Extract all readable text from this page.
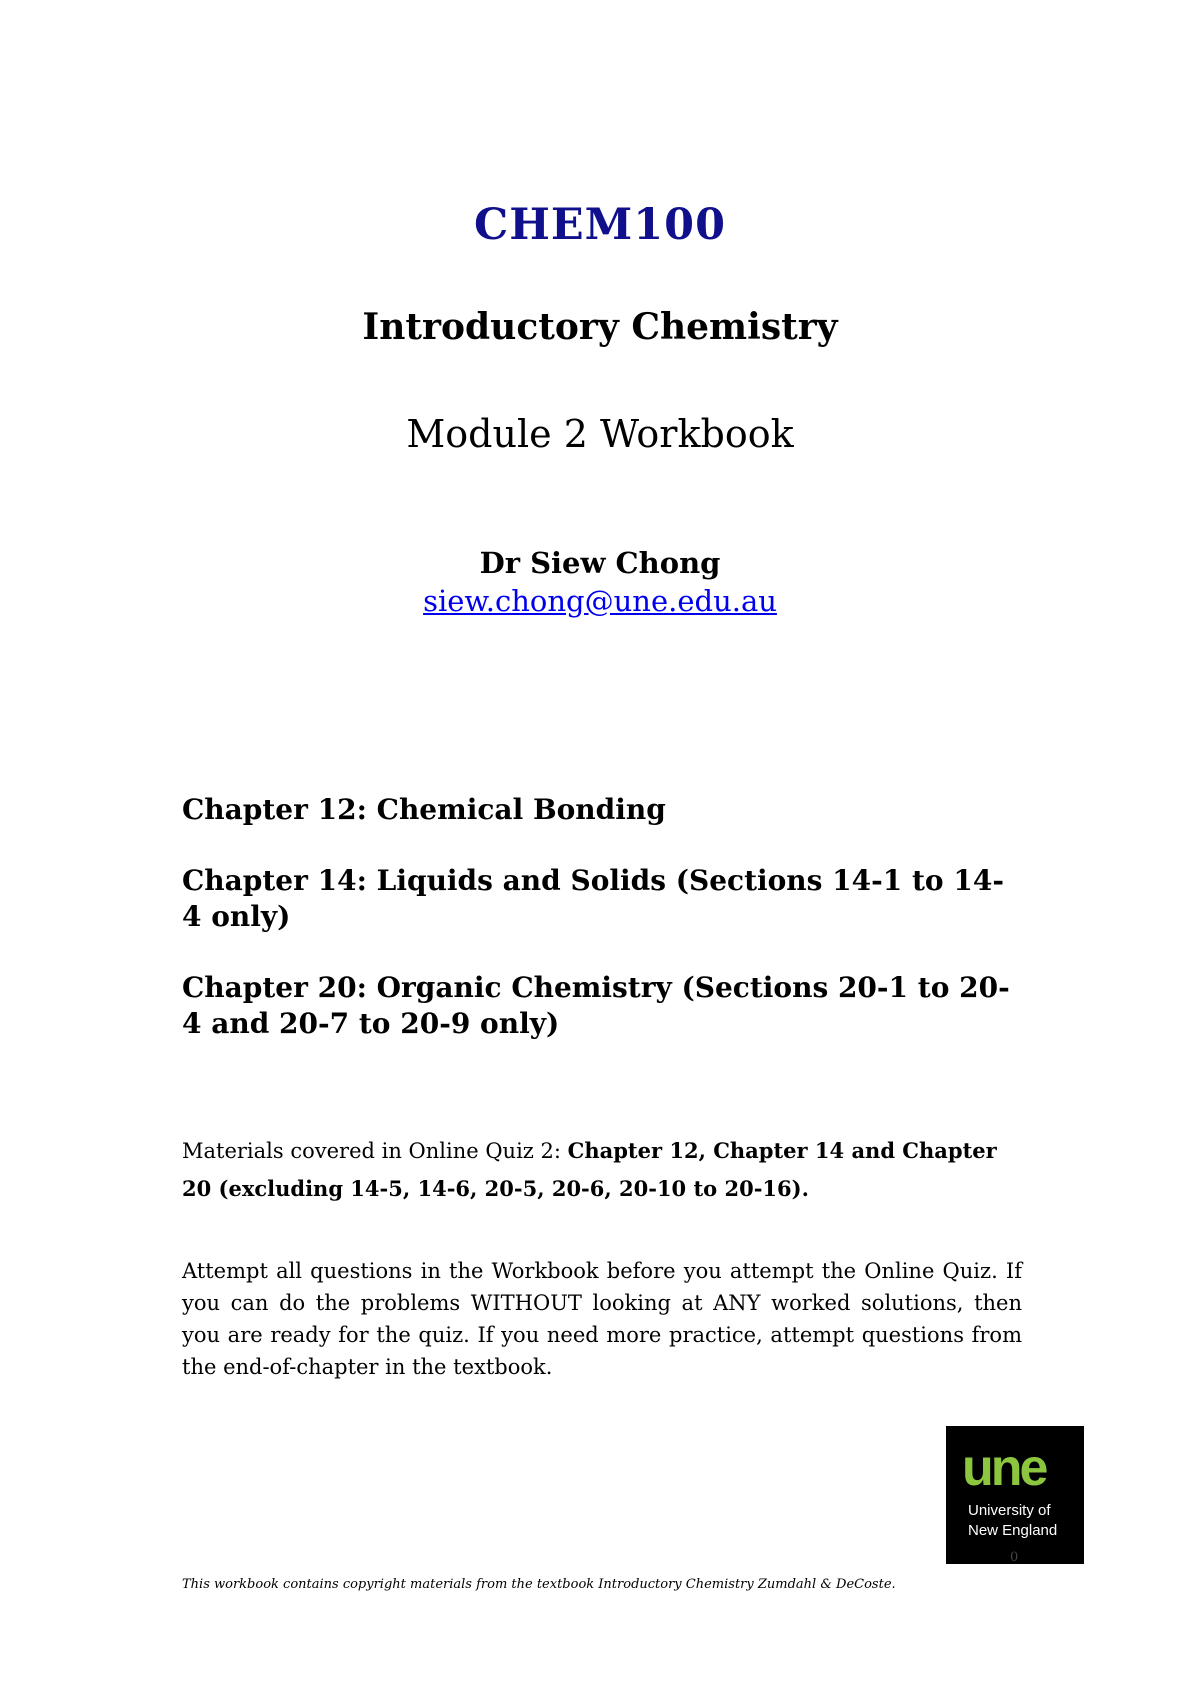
CHEM100
Introductory Chemistry
Module 2 Workbook
Dr Siew Chong
siew.chong@une.edu.au
Chapter 12: Chemical Bonding
Chapter 14: Liquids and Solids (Sections 14-1 to 14-4 only)
Chapter 20: Organic Chemistry (Sections 20-1 to 20-4 and 20-7 to 20-9 only)
Materials covered in Online Quiz 2: Chapter 12, Chapter 14 and Chapter 20 (excluding 14-5, 14-6, 20-5, 20-6, 20-10 to 20-16).
Attempt all questions in the Workbook before you attempt the Online Quiz. If you can do the problems WITHOUT looking at ANY worked solutions, then you are ready for the quiz. If you need more practice, attempt questions from the end-of-chapter in the textbook.
une
University of
New England
0
This workbook contains copyright materials from the textbook Introductory Chemistry Zumdahl & DeCoste.
